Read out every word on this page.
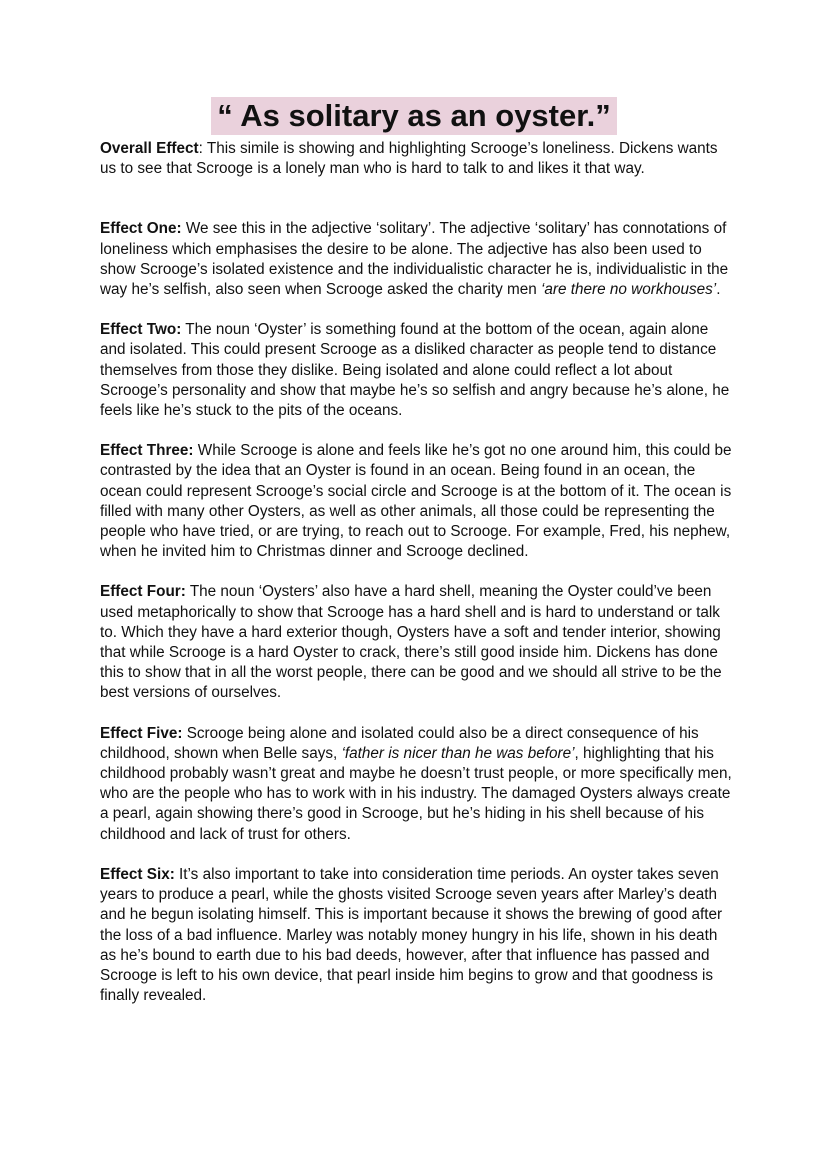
“ As solitary as an oyster.”

Overall Effect: This simile is showing and highlighting Scrooge’s loneliness. Dickens wants us to see that Scrooge is a lonely man who is hard to talk to and likes it that way.

Effect One: We see this in the adjective ‘solitary’. The adjective ‘solitary’ has connotations of loneliness which emphasises the desire to be alone. The adjective has also been used to show Scrooge’s isolated existence and the individualistic character he is, individualistic in the way he’s selfish, also seen when Scrooge asked the charity men ‘are there no workhouses’.

Effect Two: The noun ‘Oyster’ is something found at the bottom of the ocean, again alone and isolated. This could present Scrooge as a disliked character as people tend to distance themselves from those they dislike. Being isolated and alone could reflect a lot about Scrooge’s personality and show that maybe he’s so selfish and angry because he’s alone, he feels like he’s stuck to the pits of the oceans.

Effect Three: While Scrooge is alone and feels like he’s got no one around him, this could be contrasted by the idea that an Oyster is found in an ocean. Being found in an ocean, the ocean could represent Scrooge’s social circle and Scrooge is at the bottom of it. The ocean is filled with many other Oysters, as well as other animals, all those could be representing the people who have tried, or are trying, to reach out to Scrooge. For example, Fred, his nephew, when he invited him to Christmas dinner and Scrooge declined.

Effect Four: The noun ‘Oysters’ also have a hard shell, meaning the Oyster could’ve been used metaphorically to show that Scrooge has a hard shell and is hard to understand or talk to. Which they have a hard exterior though, Oysters have a soft and tender interior, showing that while Scrooge is a hard Oyster to crack, there’s still good inside him. Dickens has done this to show that in all the worst people, there can be good and we should all strive to be the best versions of ourselves.

Effect Five: Scrooge being alone and isolated could also be a direct consequence of his childhood, shown when Belle says, ‘father is nicer than he was before’, highlighting that his childhood probably wasn’t great and maybe he doesn’t trust people, or more specifically men, who are the people who has to work with in his industry. The damaged Oysters always create a pearl, again showing there’s good in Scrooge, but he’s hiding in his shell because of his childhood and lack of trust for others.

Effect Six: It’s also important to take into consideration time periods. An oyster takes seven years to produce a pearl, while the ghosts visited Scrooge seven years after Marley’s death and he begun isolating himself. This is important because it shows the brewing of good after the loss of a bad influence. Marley was notably money hungry in his life, shown in his death as he’s bound to earth due to his bad deeds, however, after that influence has passed and Scrooge is left to his own device, that pearl inside him begins to grow and that goodness is finally revealed.
